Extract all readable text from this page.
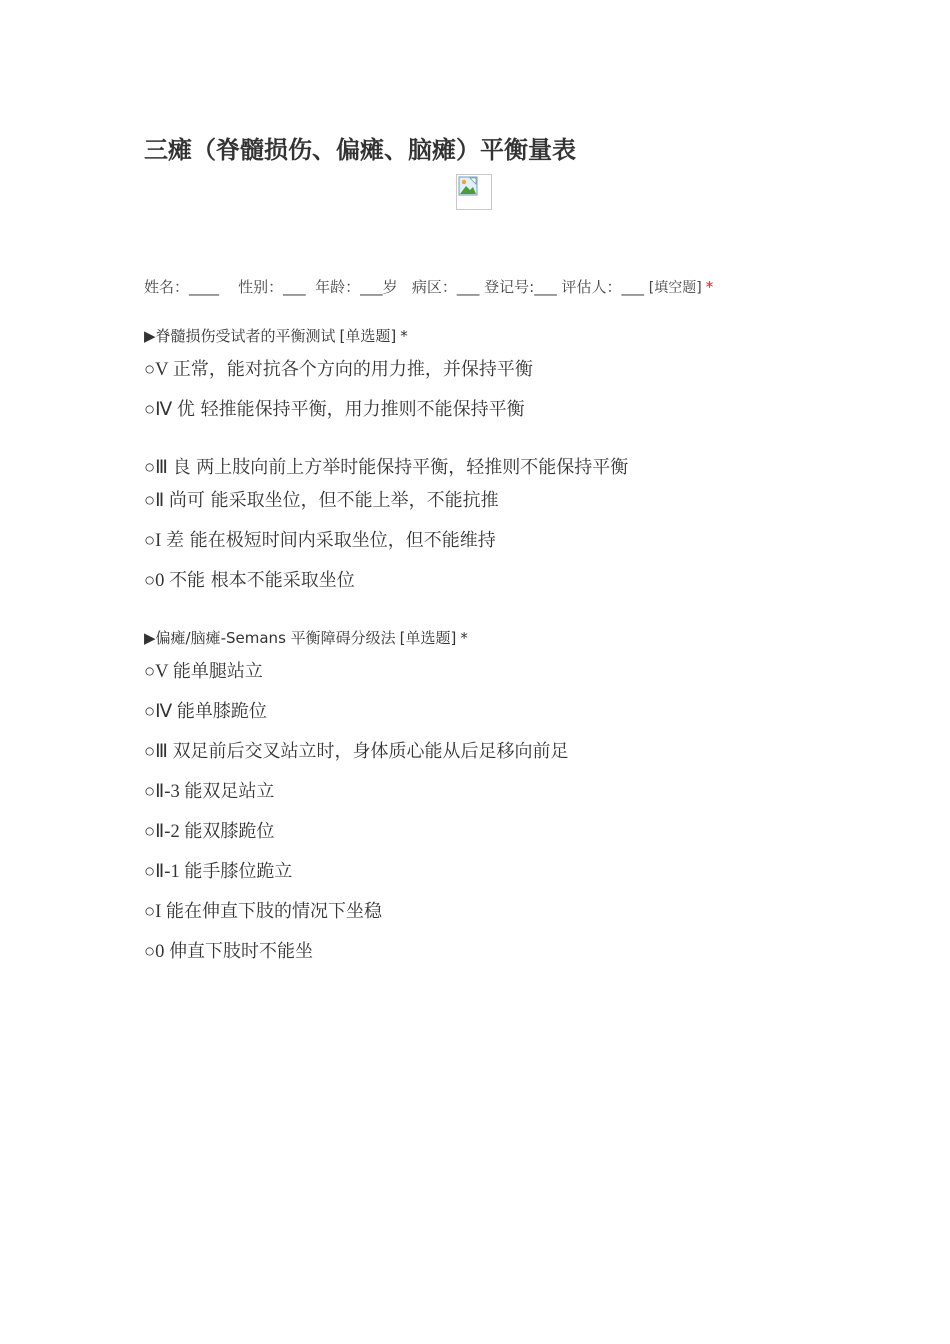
三瘫（脊髓损伤、偏瘫、脑瘫）平衡量表
姓名：____    性别：___  年龄：___岁   病区：___ 登记号:___ 评估人：___ [填空题] *
▶脊髓损伤受试者的平衡测试 [单选题] *
○V 正常，能对抗各个方向的用力推，并保持平衡
○Ⅳ 优 轻推能保持平衡，用力推则不能保持平衡
○Ⅲ 良 两上肢向前上方举时能保持平衡，轻推则不能保持平衡
○Ⅱ 尚可 能采取坐位，但不能上举，不能抗推
○I 差 能在极短时间内采取坐位，但不能维持
○0 不能 根本不能采取坐位
▶偏瘫/脑瘫-Semans 平衡障碍分级法 [单选题] *
○V 能单腿站立
○Ⅳ 能单膝跪位
○Ⅲ 双足前后交叉站立时，身体质心能从后足移向前足
○Ⅱ-3 能双足站立
○Ⅱ-2 能双膝跪位
○Ⅱ-1 能手膝位跪立
○I 能在伸直下肢的情况下坐稳
○0 伸直下肢时不能坐
